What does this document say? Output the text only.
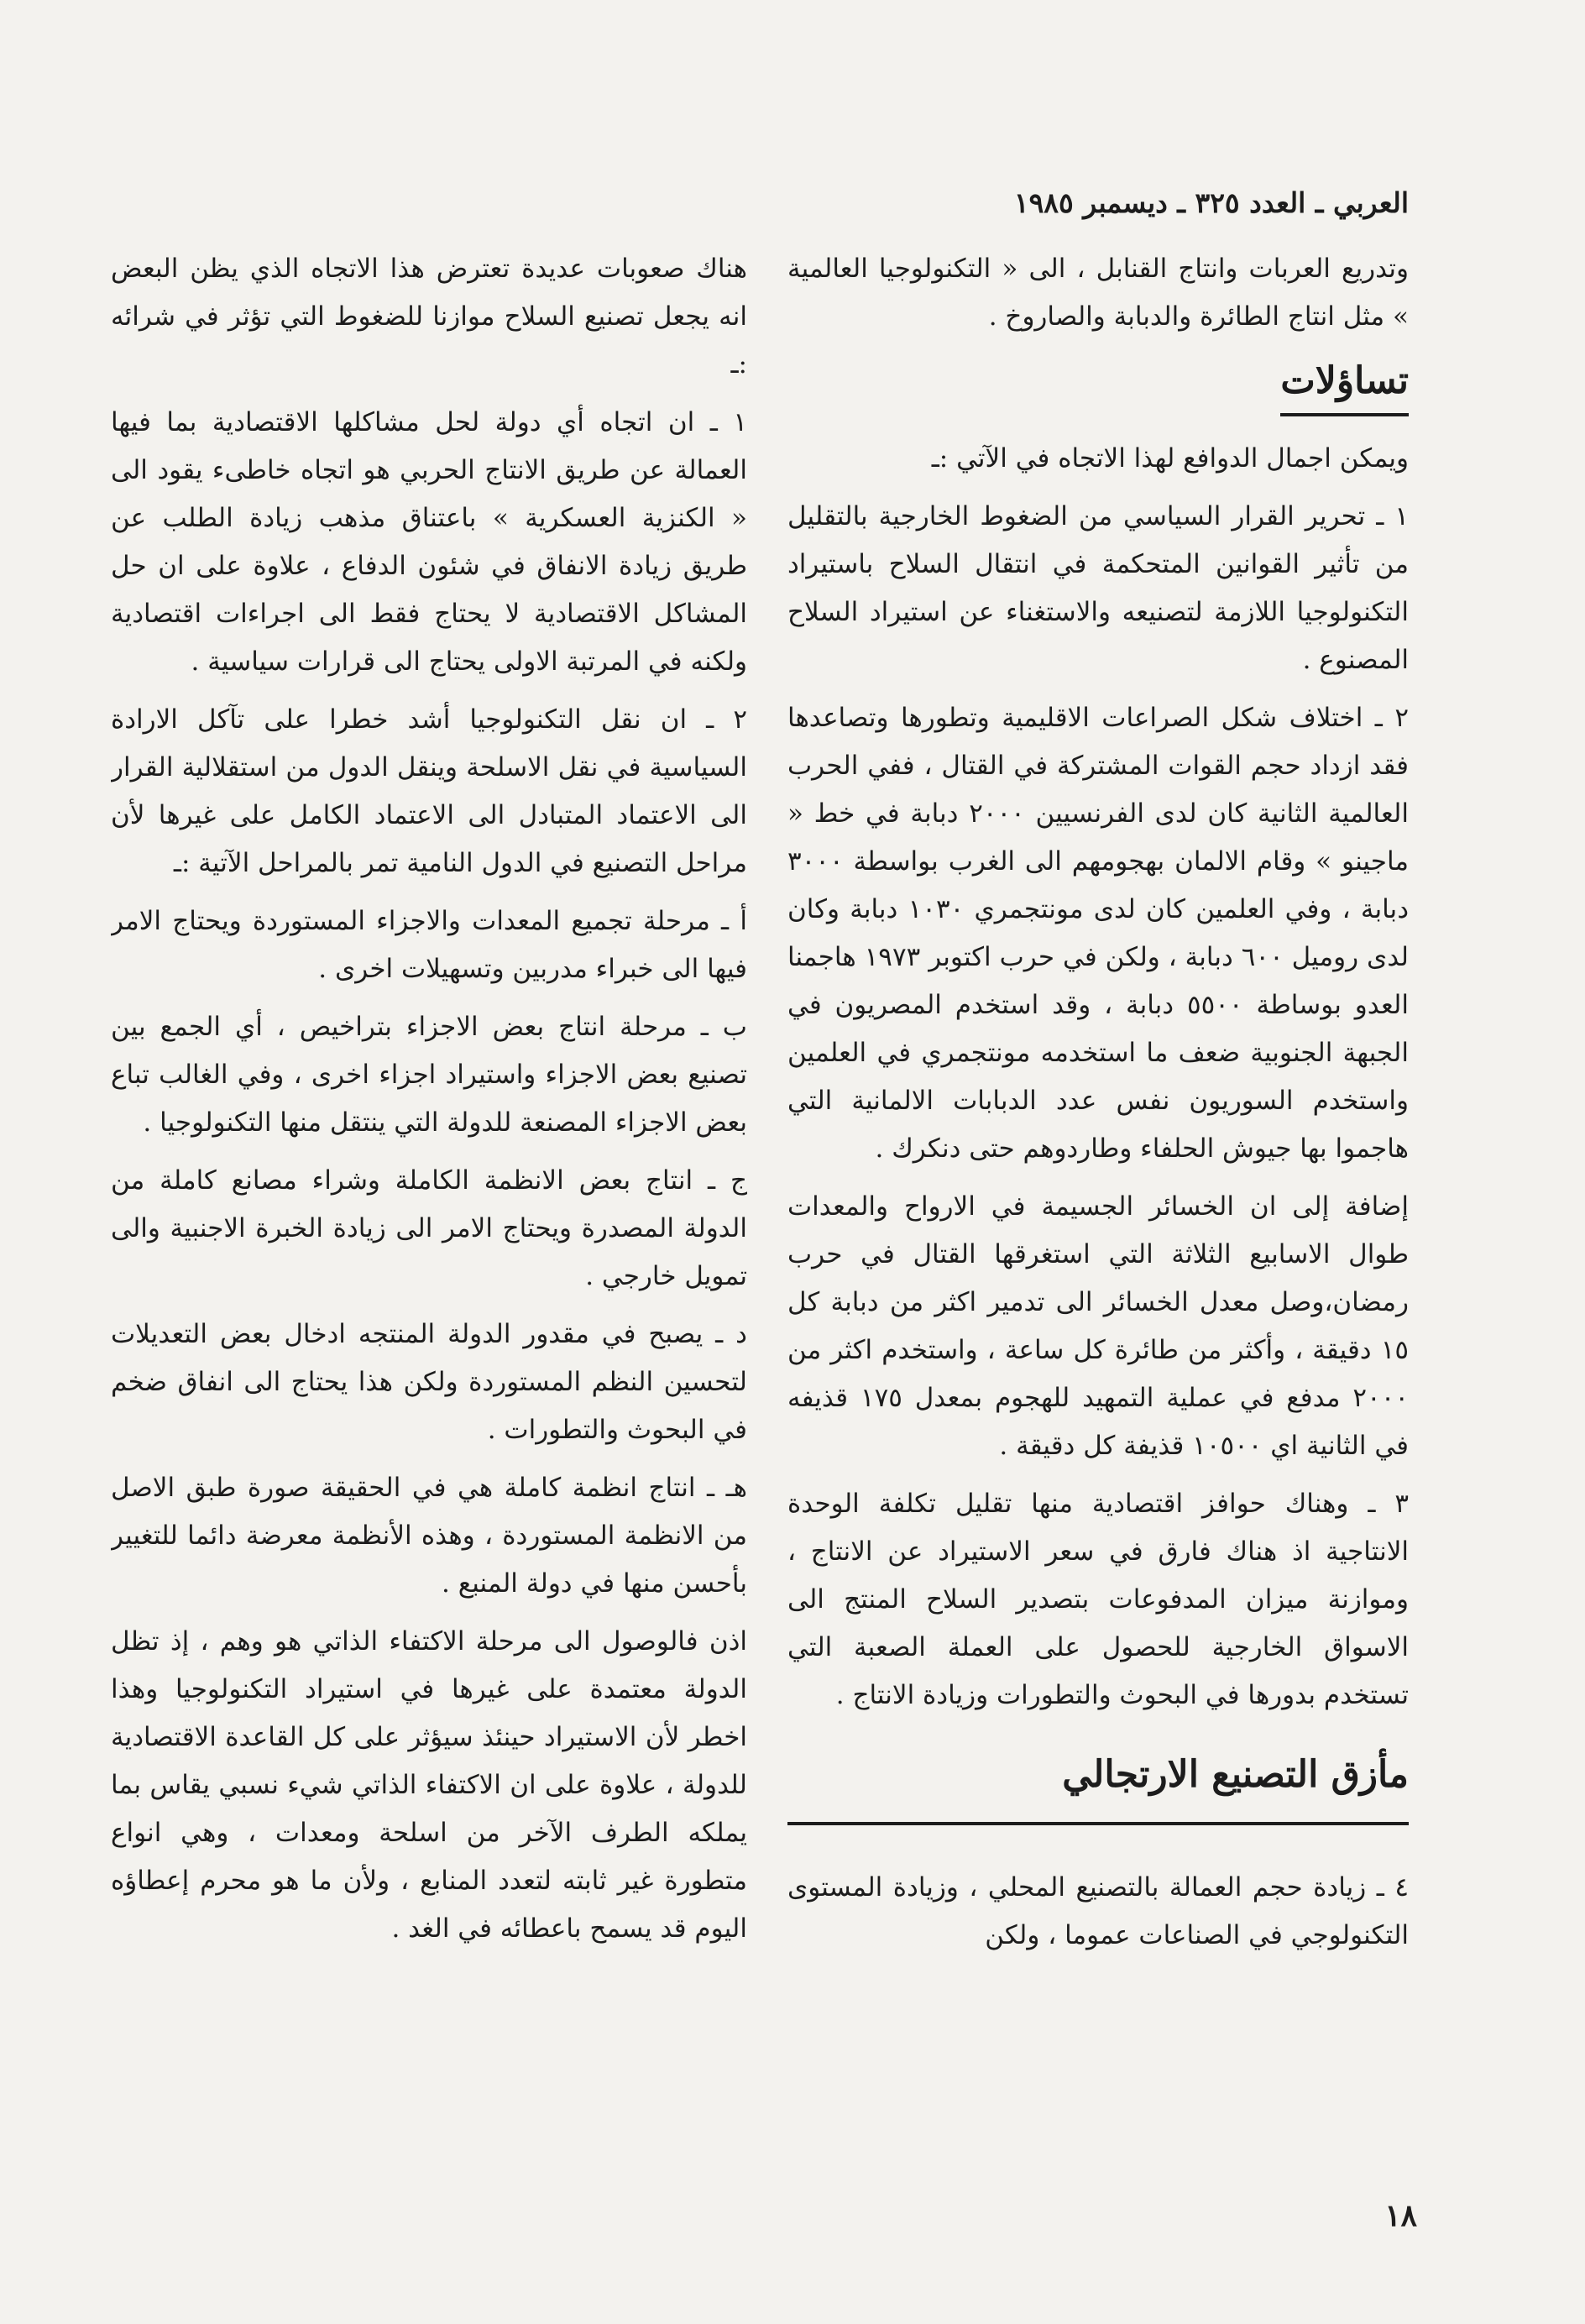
العربي ـ العدد ٣٢٥ ـ ديسمبر ١٩٨٥

وتدريع العربات وانتاج القنابل ، الى « التكنولوجيا العالمية » مثل انتاج الطائرة والدبابة والصاروخ .

تساؤلات

ويمكن اجمال الدوافع لهذا الاتجاه في الآتي :ـ

١ ـ تحرير القرار السياسي من الضغوط الخارجية بالتقليل من تأثير القوانين المتحكمة في انتقال السلاح باستيراد التكنولوجيا اللازمة لتصنيعه والاستغناء عن استيراد السلاح المصنوع .

٢ ـ اختلاف شكل الصراعات الاقليمية وتطورها وتصاعدها فقد ازداد حجم القوات المشتركة في القتال ، ففي الحرب العالمية الثانية كان لدى الفرنسيين ٢٠٠٠ دبابة في خط « ماجينو » وقام الالمان بهجومهم الى الغرب بواسطة ٣٠٠٠ دبابة ، وفي العلمين كان لدى مونتجمري ١٠٣٠ دبابة وكان لدى روميل ٦٠٠ دبابة ، ولكن في حرب اكتوبر ١٩٧٣ هاجمنا العدو بوساطة ٥٥٠٠ دبابة ، وقد استخدم المصريون في الجبهة الجنوبية ضعف ما استخدمه مونتجمري في العلمين واستخدم السوريون نفس عدد الدبابات الالمانية التي هاجموا بها جيوش الحلفاء وطاردوهم حتى دنكرك .

إضافة إلى ان الخسائر الجسيمة في الارواح والمعدات طوال الاسابيع الثلاثة التي استغرقها القتال في حرب رمضان،وصل معدل الخسائر الى تدمير اكثر من دبابة كل ١٥ دقيقة ، وأكثر من طائرة كل ساعة ، واستخدم اكثر من ٢٠٠٠ مدفع في عملية التمهيد للهجوم بمعدل ١٧٥ قذيفه في الثانية اي ١٠٥٠٠ قذيفة كل دقيقة .

٣ ـ وهناك حوافز اقتصادية منها تقليل تكلفة الوحدة الانتاجية اذ هناك فارق في سعر الاستيراد عن الانتاج ، وموازنة ميزان المدفوعات بتصدير السلاح المنتج الى الاسواق الخارجية للحصول على العملة الصعبة التي تستخدم بدورها في البحوث والتطورات وزيادة الانتاج .

مأزق التصنيع الارتجالي

٤ ـ زيادة حجم العمالة بالتصنيع المحلي ، وزيادة المستوى التكنولوجي في الصناعات عموما ، ولكن

هناك صعوبات عديدة تعترض هذا الاتجاه الذي يظن البعض انه يجعل تصنيع السلاح موازنا للضغوط التي تؤثر في شرائه :ـ

١ ـ ان اتجاه أي دولة لحل مشاكلها الاقتصادية بما فيها العمالة عن طريق الانتاج الحربي هو اتجاه خاطىء يقود الى « الكنزية العسكرية » باعتناق مذهب زيادة الطلب عن طريق زيادة الانفاق في شئون الدفاع ، علاوة على ان حل المشاكل الاقتصادية لا يحتاج فقط الى اجراءات اقتصادية ولكنه في المرتبة الاولى يحتاج الى قرارات سياسية .

٢ ـ ان نقل التكنولوجيا أشد خطرا على تآكل الارادة السياسية في نقل الاسلحة وينقل الدول من استقلالية القرار الى الاعتماد المتبادل الى الاعتماد الكامل على غيرها لأن مراحل التصنيع في الدول النامية تمر بالمراحل الآتية :ـ

أ ـ مرحلة تجميع المعدات والاجزاء المستوردة ويحتاج الامر فيها الى خبراء مدربين وتسهيلات اخرى .

ب ـ مرحلة انتاج بعض الاجزاء بتراخيص ، أي الجمع بين تصنيع بعض الاجزاء واستيراد اجزاء اخرى ، وفي الغالب تباع بعض الاجزاء المصنعة للدولة التي ينتقل منها التكنولوجيا .

ج ـ انتاج بعض الانظمة الكاملة وشراء مصانع كاملة من الدولة المصدرة ويحتاج الامر الى زيادة الخبرة الاجنبية والى تمويل خارجي .

د ـ يصبح في مقدور الدولة المنتجه ادخال بعض التعديلات لتحسين النظم المستوردة ولكن هذا يحتاج الى انفاق ضخم في البحوث والتطورات .

هـ ـ انتاج انظمة كاملة هي في الحقيقة صورة طبق الاصل من الانظمة المستوردة ، وهذه الأنظمة معرضة دائما للتغيير بأحسن منها في دولة المنبع .

اذن فالوصول الى مرحلة الاكتفاء الذاتي هو وهم ، إذ تظل الدولة معتمدة على غيرها في استيراد التكنولوجيا وهذا اخطر لأن الاستيراد حينئذ سيؤثر على كل القاعدة الاقتصادية للدولة ، علاوة على ان الاكتفاء الذاتي شيء نسبي يقاس بما يملكه الطرف الآخر من اسلحة ومعدات ، وهي انواع متطورة غير ثابته لتعدد المنابع ، ولأن ما هو محرم إعطاؤه اليوم قد يسمح باعطائه في الغد .

١٨
